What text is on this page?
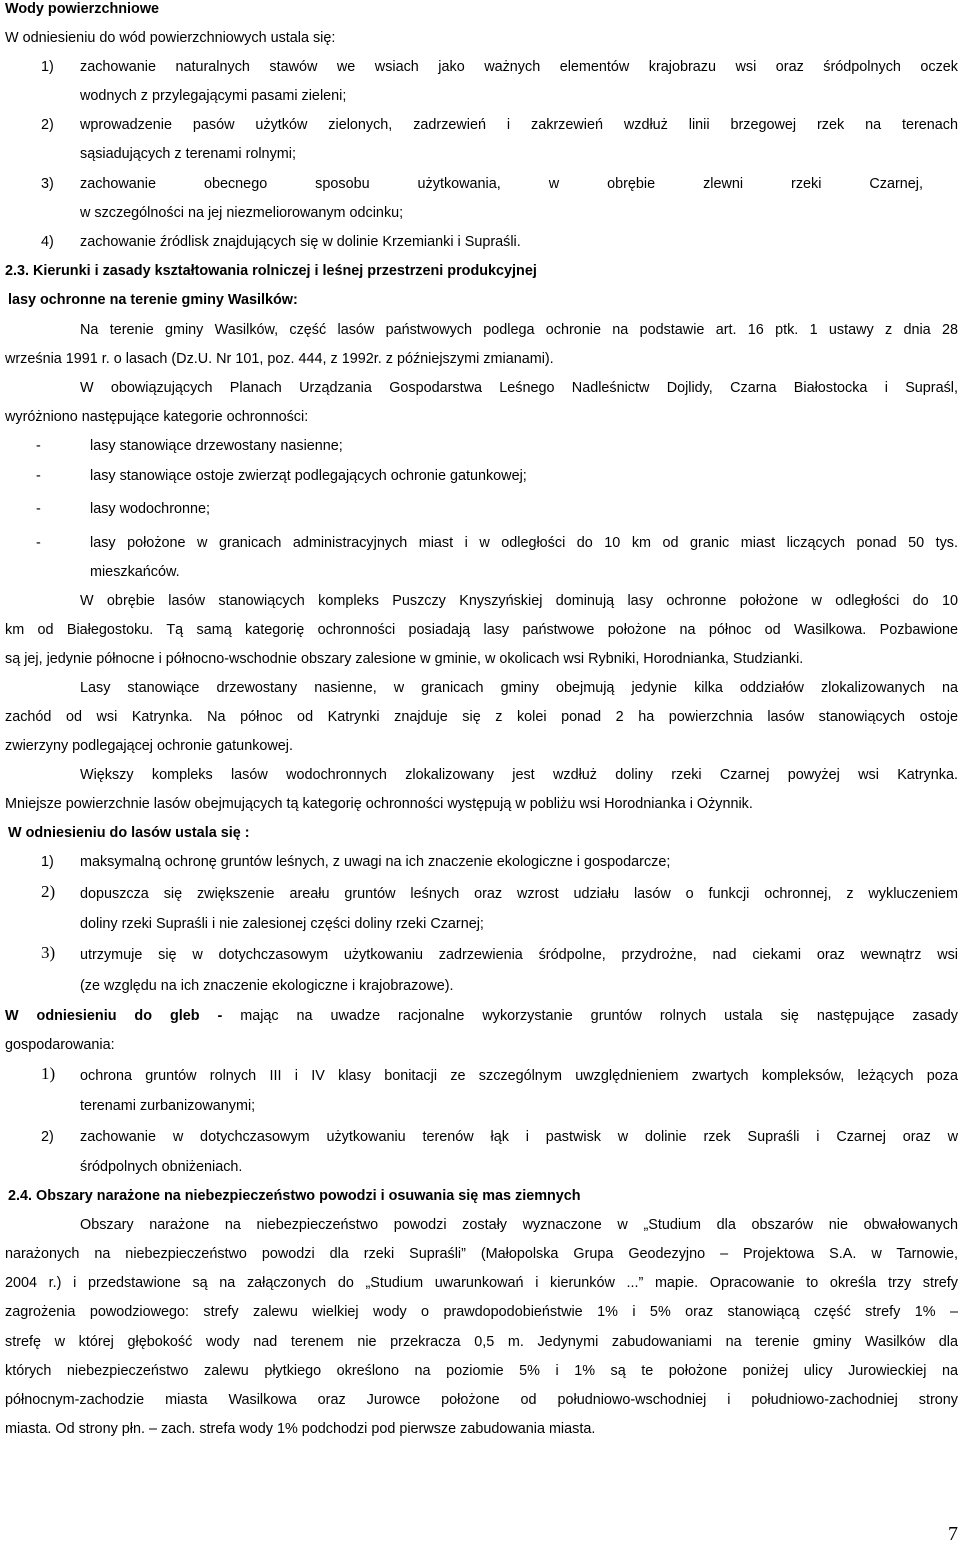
Wody powierzchniowe
W odniesieniu do wód powierzchniowych ustala się:
1) zachowanie naturalnych stawów we wsiach jako ważnych elementów krajobrazu wsi oraz śródpolnych oczek
wodnych z przylegającymi pasami zieleni;
2) wprowadzenie pasów użytków zielonych, zadrzewień i zakrzewień wzdłuż linii brzegowej rzek na terenach
sąsiadujących z terenami rolnymi;
3) zachowanie obecnego sposobu użytkowania, w obrębie zlewni rzeki Czarnej,
w szczególności na jej niezmeliorowanym odcinku;
4) zachowanie źródlisk znajdujących się w dolinie Krzemianki i Supraśli.
2.3. Kierunki i zasady kształtowania rolniczej i leśnej przestrzeni produkcyjnej
lasy ochronne na terenie gminy Wasilków:
Na terenie gminy Wasilków, część lasów państwowych podlega ochronie na podstawie art. 16 ptk. 1 ustawy z dnia 28
września 1991 r. o lasach (Dz.U. Nr 101, poz. 444, z 1992r. z późniejszymi zmianami).
W obowiązujących Planach Urządzania Gospodarstwa Leśnego Nadleśnictw Dojlidy, Czarna Białostocka i Supraśl,
wyróżniono następujące kategorie ochronności:
-	lasy stanowiące drzewostany nasienne;
-	lasy stanowiące ostoje zwierząt podlegających ochronie gatunkowej;
-	lasy wodochronne;
-	lasy położone w granicach administracyjnych miast i w odległości do 10 km od granic miast liczących ponad 50 tys.
mieszkańców.
W obrębie lasów stanowiących kompleks Puszczy Knyszyńskiej dominują lasy ochronne położone w odległości do 10
km od Białegostoku. Tą samą kategorię ochronności posiadają lasy państwowe położone na północ od Wasilkowa. Pozbawione
są jej, jedynie północne i północno-wschodnie obszary zalesione w gminie, w okolicach wsi Rybniki, Horodnianka, Studzianki.
Lasy stanowiące drzewostany nasienne, w granicach gminy obejmują jedynie kilka oddziałów zlokalizowanych na
zachód od wsi Katrynka. Na północ od Katrynki znajduje się z kolei ponad 2 ha powierzchnia lasów stanowiących ostoje
zwierzyny podlegającej ochronie gatunkowej.
Większy kompleks lasów wodochronnych zlokalizowany jest wzdłuż doliny rzeki Czarnej powyżej wsi Katrynka.
Mniejsze powierzchnie lasów obejmujących tą kategorię ochronności występują w pobliżu wsi Horodnianka i Ożynnik.
W odniesieniu do lasów ustala się :
1) maksymalną ochronę gruntów leśnych, z uwagi na ich znaczenie ekologiczne i gospodarcze;
2) dopuszcza się zwiększenie areału gruntów leśnych oraz wzrost udziału lasów o funkcji ochronnej, z wykluczeniem
doliny rzeki Supraśli i nie zalesionej części doliny rzeki Czarnej;
3) utrzymuje się w dotychczasowym użytkowaniu zadrzewienia śródpolne, przydrożne, nad ciekami oraz wewnątrz wsi
(ze względu na ich znaczenie ekologiczne i krajobrazowe).
W odniesieniu do gleb - mając na uwadze racjonalne wykorzystanie gruntów rolnych ustala się następujące zasady
gospodarowania:
1) ochrona gruntów rolnych III i IV klasy bonitacji ze szczególnym uwzględnieniem zwartych kompleksów, leżących poza
terenami zurbanizowanymi;
2) zachowanie w dotychczasowym użytkowaniu terenów łąk i pastwisk w dolinie rzek Supraśli i Czarnej oraz w
śródpolnych obniżeniach.
2.4. Obszary narażone na niebezpieczeństwo powodzi i osuwania się mas ziemnych
Obszary narażone na niebezpieczeństwo powodzi zostały wyznaczone w „Studium dla obszarów nie obwałowanych
narażonych na niebezpieczeństwo powodzi dla rzeki Supraśli” (Małopolska Grupa Geodezyjno – Projektowa S.A. w Tarnowie,
2004 r.) i przedstawione są na załączonych do „Studium uwarunkowań i kierunków ...” mapie. Opracowanie to określa trzy strefy
zagrożenia powodziowego: strefy zalewu wielkiej wody o prawdopodobieństwie 1% i 5% oraz stanowiącą część strefy 1% –
strefę w której głębokość wody nad terenem nie przekracza 0,5 m. Jedynymi zabudowaniami na terenie gminy Wasilków dla
których niebezpieczeństwo zalewu płytkiego określono na poziomie 5% i 1% są te położone poniżej ulicy Jurowieckiej na
północnym-zachodzie miasta Wasilkowa oraz Jurowce położone od południowo-wschodniej i południowo-zachodniej strony
miasta. Od strony płn. – zach. strefa wody 1% podchodzi pod pierwsze zabudowania miasta.
7
